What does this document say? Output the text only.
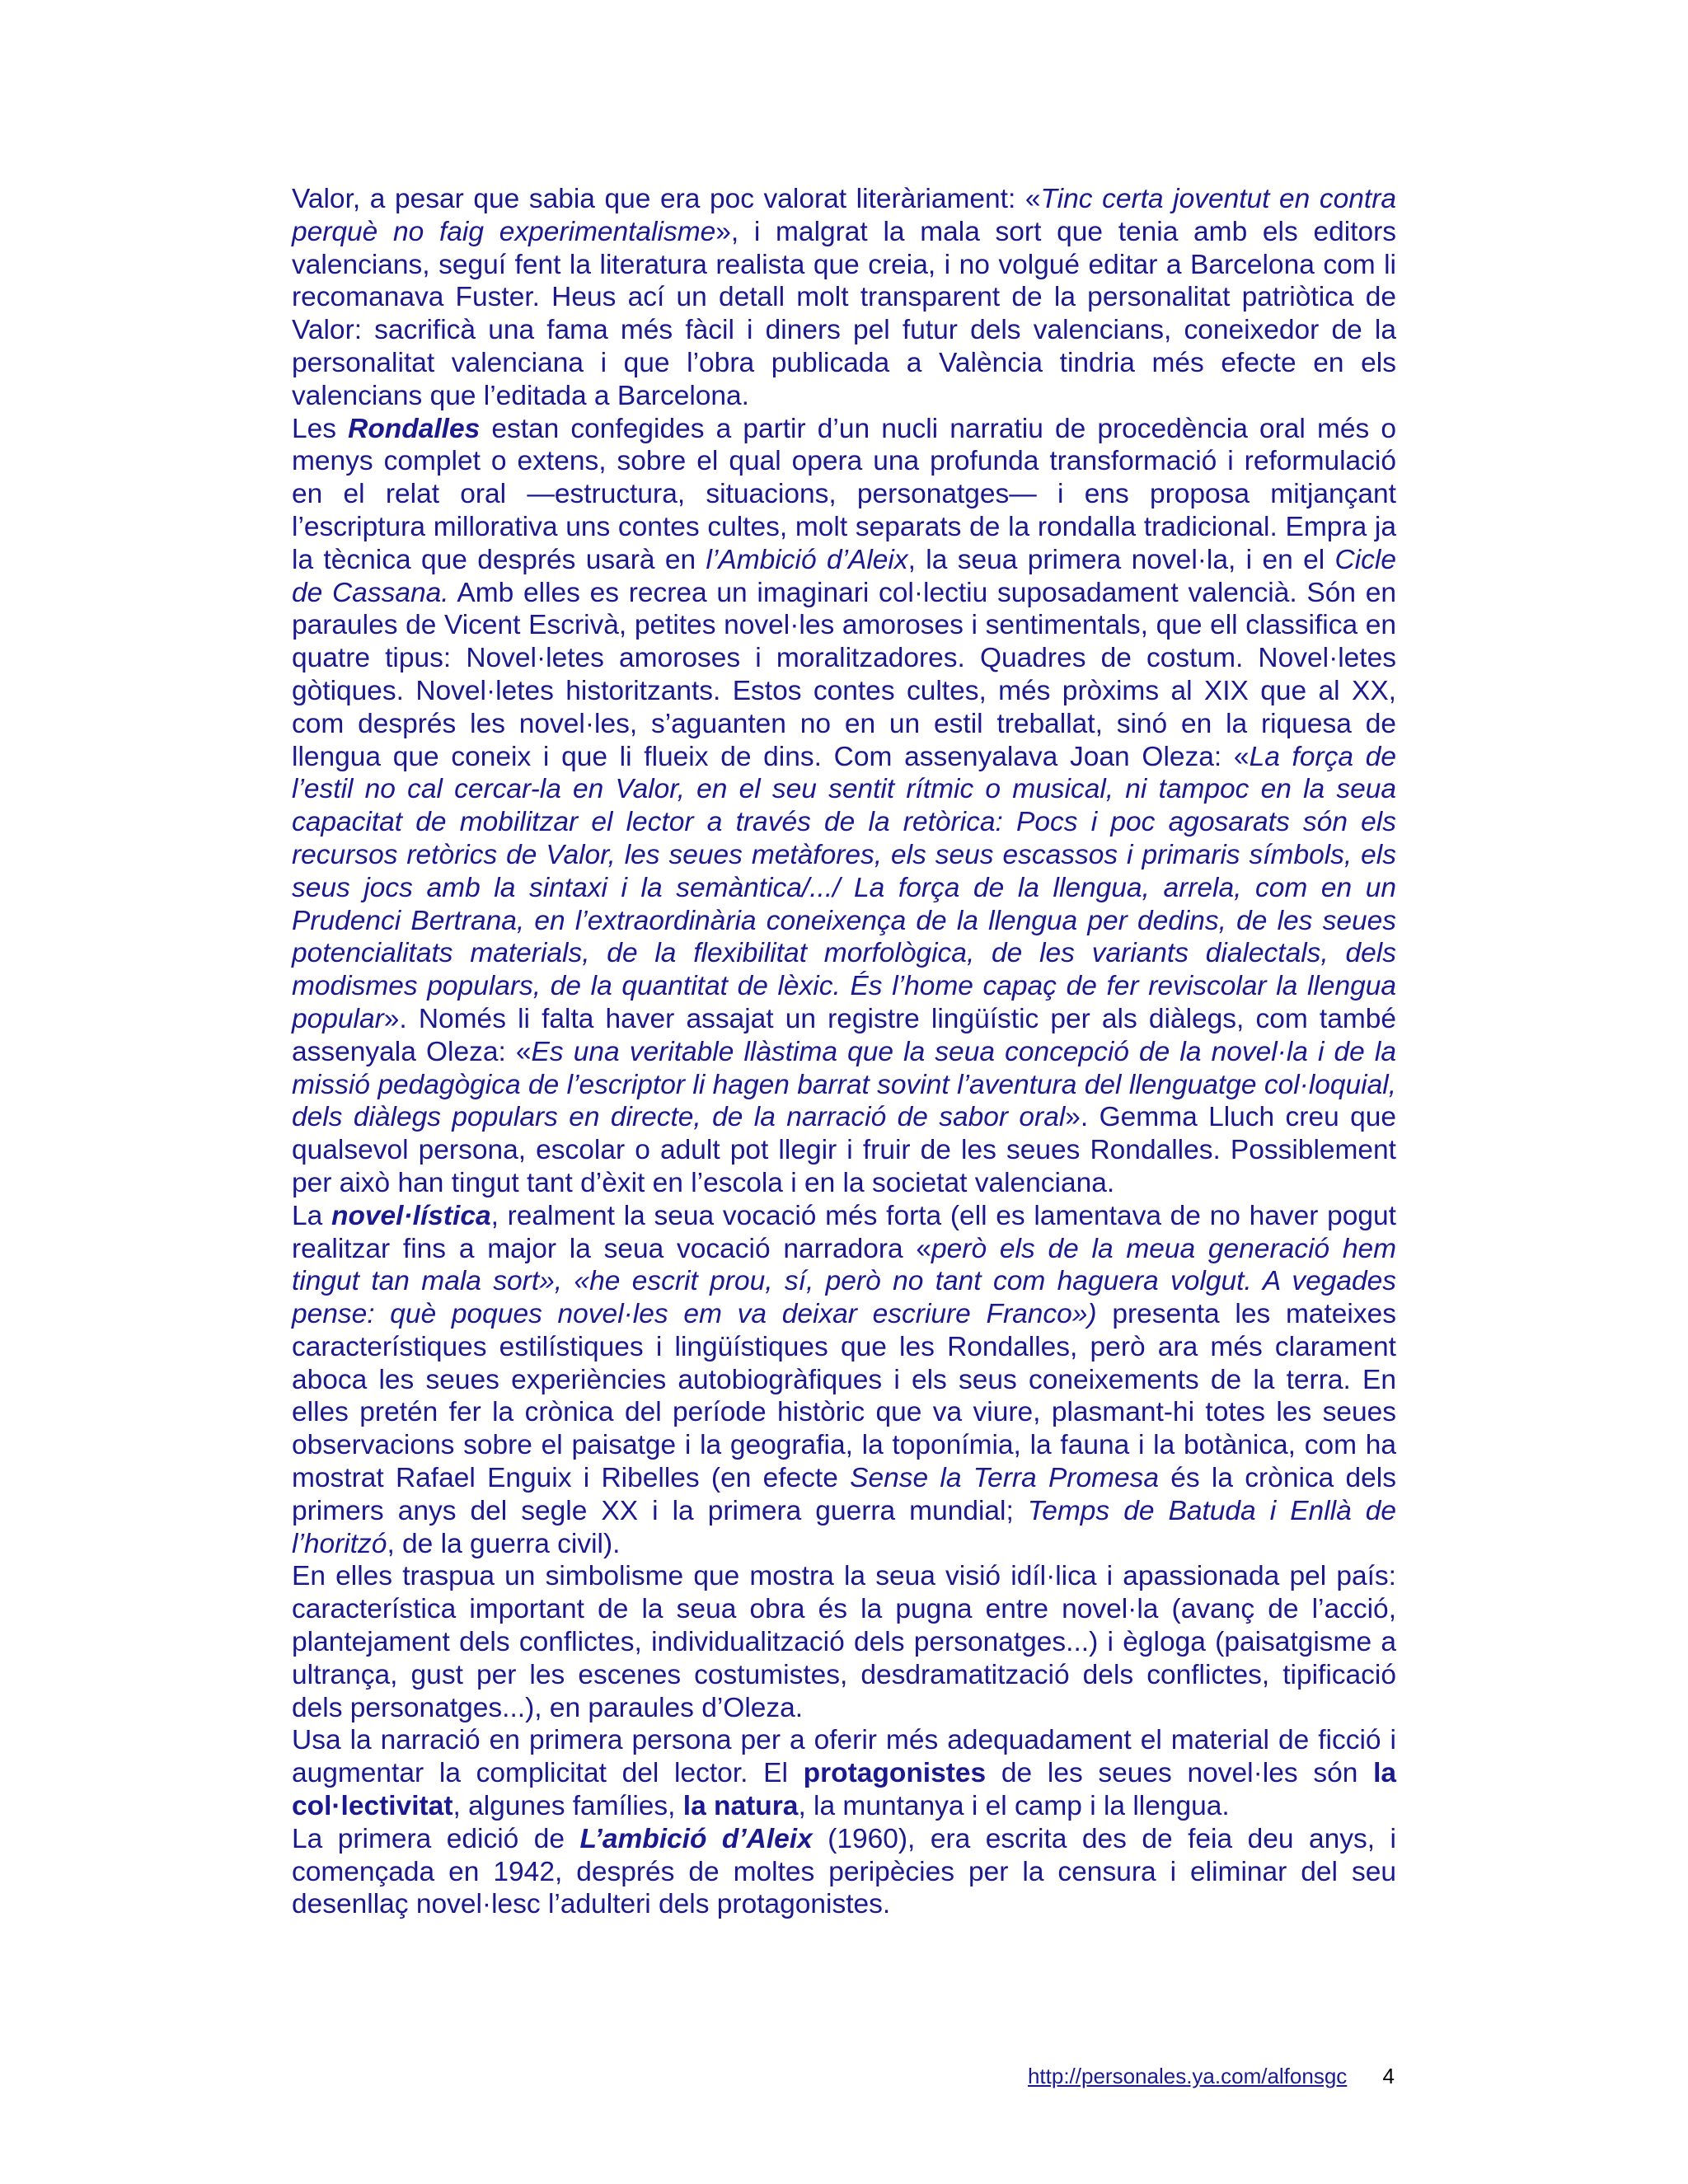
Valor, a pesar que sabia que era poc valorat literàriament: «Tinc certa joventut en contra perquè no faig experimentalisme», i malgrat la mala sort que tenia amb els editors valencians, seguí fent la literatura realista que creia, i no volgué editar a Barcelona com li recomanava Fuster. Heus ací un detall molt transparent de la personalitat patriòtica de Valor: sacrificà una fama més fàcil i diners pel futur dels valencians, coneixedor de la personalitat valenciana i que l’obra publicada a València tindria més efecte en els valencians que l’editada a Barcelona.

Les Rondalles estan confegides a partir d’un nucli narratiu de procedència oral més o menys complet o extens, sobre el qual opera una profunda transformació i reformulació en el relat oral —estructura, situacions, personatges— i ens proposa mitjançant l’escriptura millorativa uns contes cultes, molt separats de la rondalla tradicional. Empra ja la tècnica que després usarà en l’Ambició d’Aleix, la seua primera novel·la, i en el Cicle de Cassana. Amb elles es recrea un imaginari col·lectiu suposadament valencià. Són en paraules de Vicent Escrivà, petites novel·les amoroses i sentimentals, que ell classifica en quatre tipus: Novel·letes amoroses i moralitzadores. Quadres de costum. Novel·letes gòtiques. Novel·letes historitzants. Estos contes cultes, més pròxims al XIX que al XX, com després les novel·les, s’aguanten no en un estil treballat, sinó en la riquesa de llengua que coneix i que li flueix de dins. Com assenyalava Joan Oleza: «La força de l’estil no cal cercar-la en Valor, en el seu sentit rítmic o musical, ni tampoc en la seua capacitat de mobilitzar el lector a través de la retòrica: Pocs i poc agosarats són els recursos retòrics de Valor, les seues metàfores, els seus escassos i primaris símbols, els seus jocs amb la sintaxi i la semàntica/.../ La força de la llengua, arrela, com en un Prudenci Bertrana, en l’extraordinària coneixença de la llengua per dedins, de les seues potencialitats materials, de la flexibilitat morfològica, de les variants dialectals, dels modismes populars, de la quantitat de lèxic. És l’home capaç de fer reviscolar la llengua popular». Només li falta haver assajat un registre lingüístic per als diàlegs, com també assenyala Oleza: «Es una veritable llàstima que la seua concepció de la novel·la i de la missió pedagògica de l’escriptor li hagen barrat sovint l’aventura del llenguatge col·loquial, dels diàlegs populars en directe, de la narració de sabor oral». Gemma Lluch creu que qualsevol persona, escolar o adult pot llegir i fruir de les seues Rondalles. Possiblement per això han tingut tant d’èxit en l’escola i en la societat valenciana.

La novel·lística, realment la seua vocació més forta (ell es lamentava de no haver pogut realitzar fins a major la seua vocació narradora «però els de la meua generació hem tingut tan mala sort», «he escrit prou, sí, però no tant com haguera volgut. A vegades pense: què poques novel·les em va deixar escriure Franco») presenta les mateixes característiques estilístiques i lingüístiques que les Rondalles, però ara més clarament aboca les seues experiències autobiogràfiques i els seus coneixements de la terra. En elles pretén fer la crònica del període històric que va viure, plasmant-hi totes les seues observacions sobre el paisatge i la geografia, la toponímia, la fauna i la botànica, com ha mostrat Rafael Enguix i Ribelles (en efecte Sense la Terra Promesa és la crònica dels primers anys del segle XX i la primera guerra mundial; Temps de Batuda i Enllà de l’horitzó, de la guerra civil).

En elles traspua un simbolisme que mostra la seua visió idíl·lica i apassionada pel país: característica important de la seua obra és la pugna entre novel·la (avanç de l’acció, plantejament dels conflictes, individualització dels personatges...) i ègloga (paisatgisme a ultrança, gust per les escenes costumistes, desdramatització dels conflictes, tipificació dels personatges...), en paraules d’Oleza.

Usa la narració en primera persona per a oferir més adequadament el material de ficció i augmentar la complicitat del lector. El protagonistes de les seues novel·les són la col·lectivitat, algunes famílies, la natura, la muntanya i el camp i la llengua.

La primera edició de L’ambició d’Aleix (1960), era escrita des de feia deu anys, i començada en 1942, després de moltes peripècies per la censura i eliminar del seu desenllaç novel·lesc l’adulteri dels protagonistes.

http://personales.ya.com/alfonsgc 4
